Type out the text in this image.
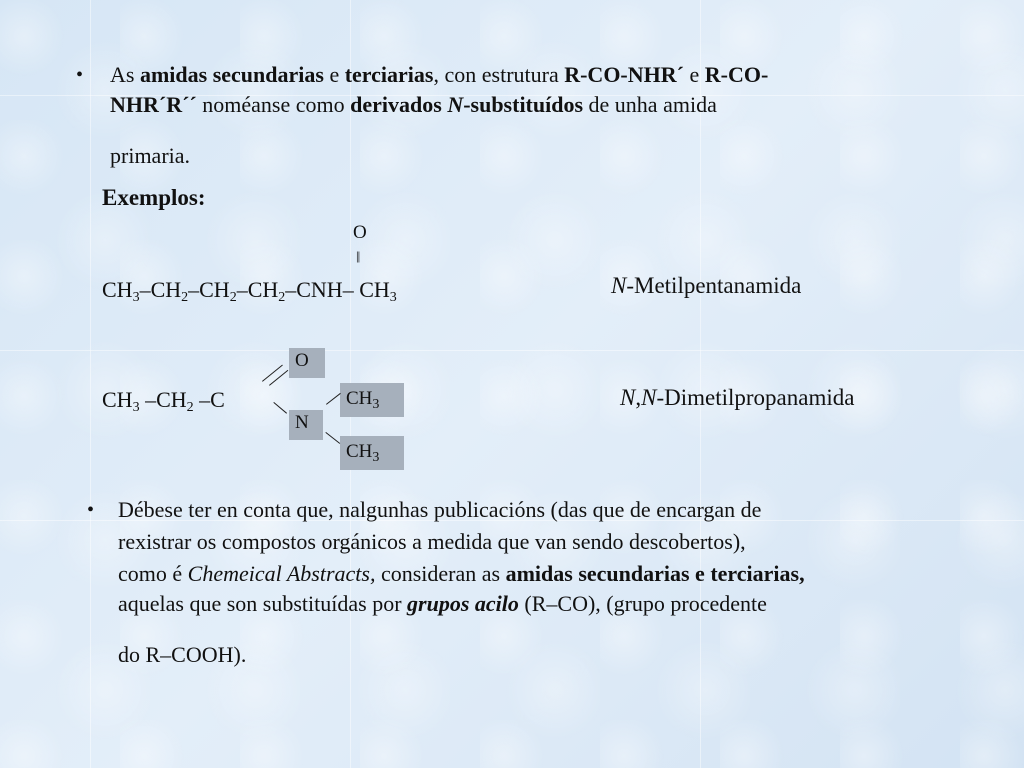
• As amidas secundarias e terciarias, con estrutura R-CO-NHR´ e R-CO-
NHR´R´´ noméanse como derivados N-substituídos de unha amida
primaria.
Exemplos:
O
||
$CH_3-CH_2-CH_2-CH_2-CNH-$ $CH_3$	N-Metilpentanamida
O
N
$CH_3$
$CH_3$
$CH_3$ $-CH_2$ –C	N,N-Dimetilpropanamida
• Débese ter en conta que, nalgunhas publicacións (das que de encargan de
rexistrar os compostos orgánicos a medida que van sendo descobertos),
como é Chemeical Abstracts, consideran as amidas secundarias e terciarias,
aquelas que son substituídas por grupos acilo (R–CO), (grupo procedente
do R–COOH).
